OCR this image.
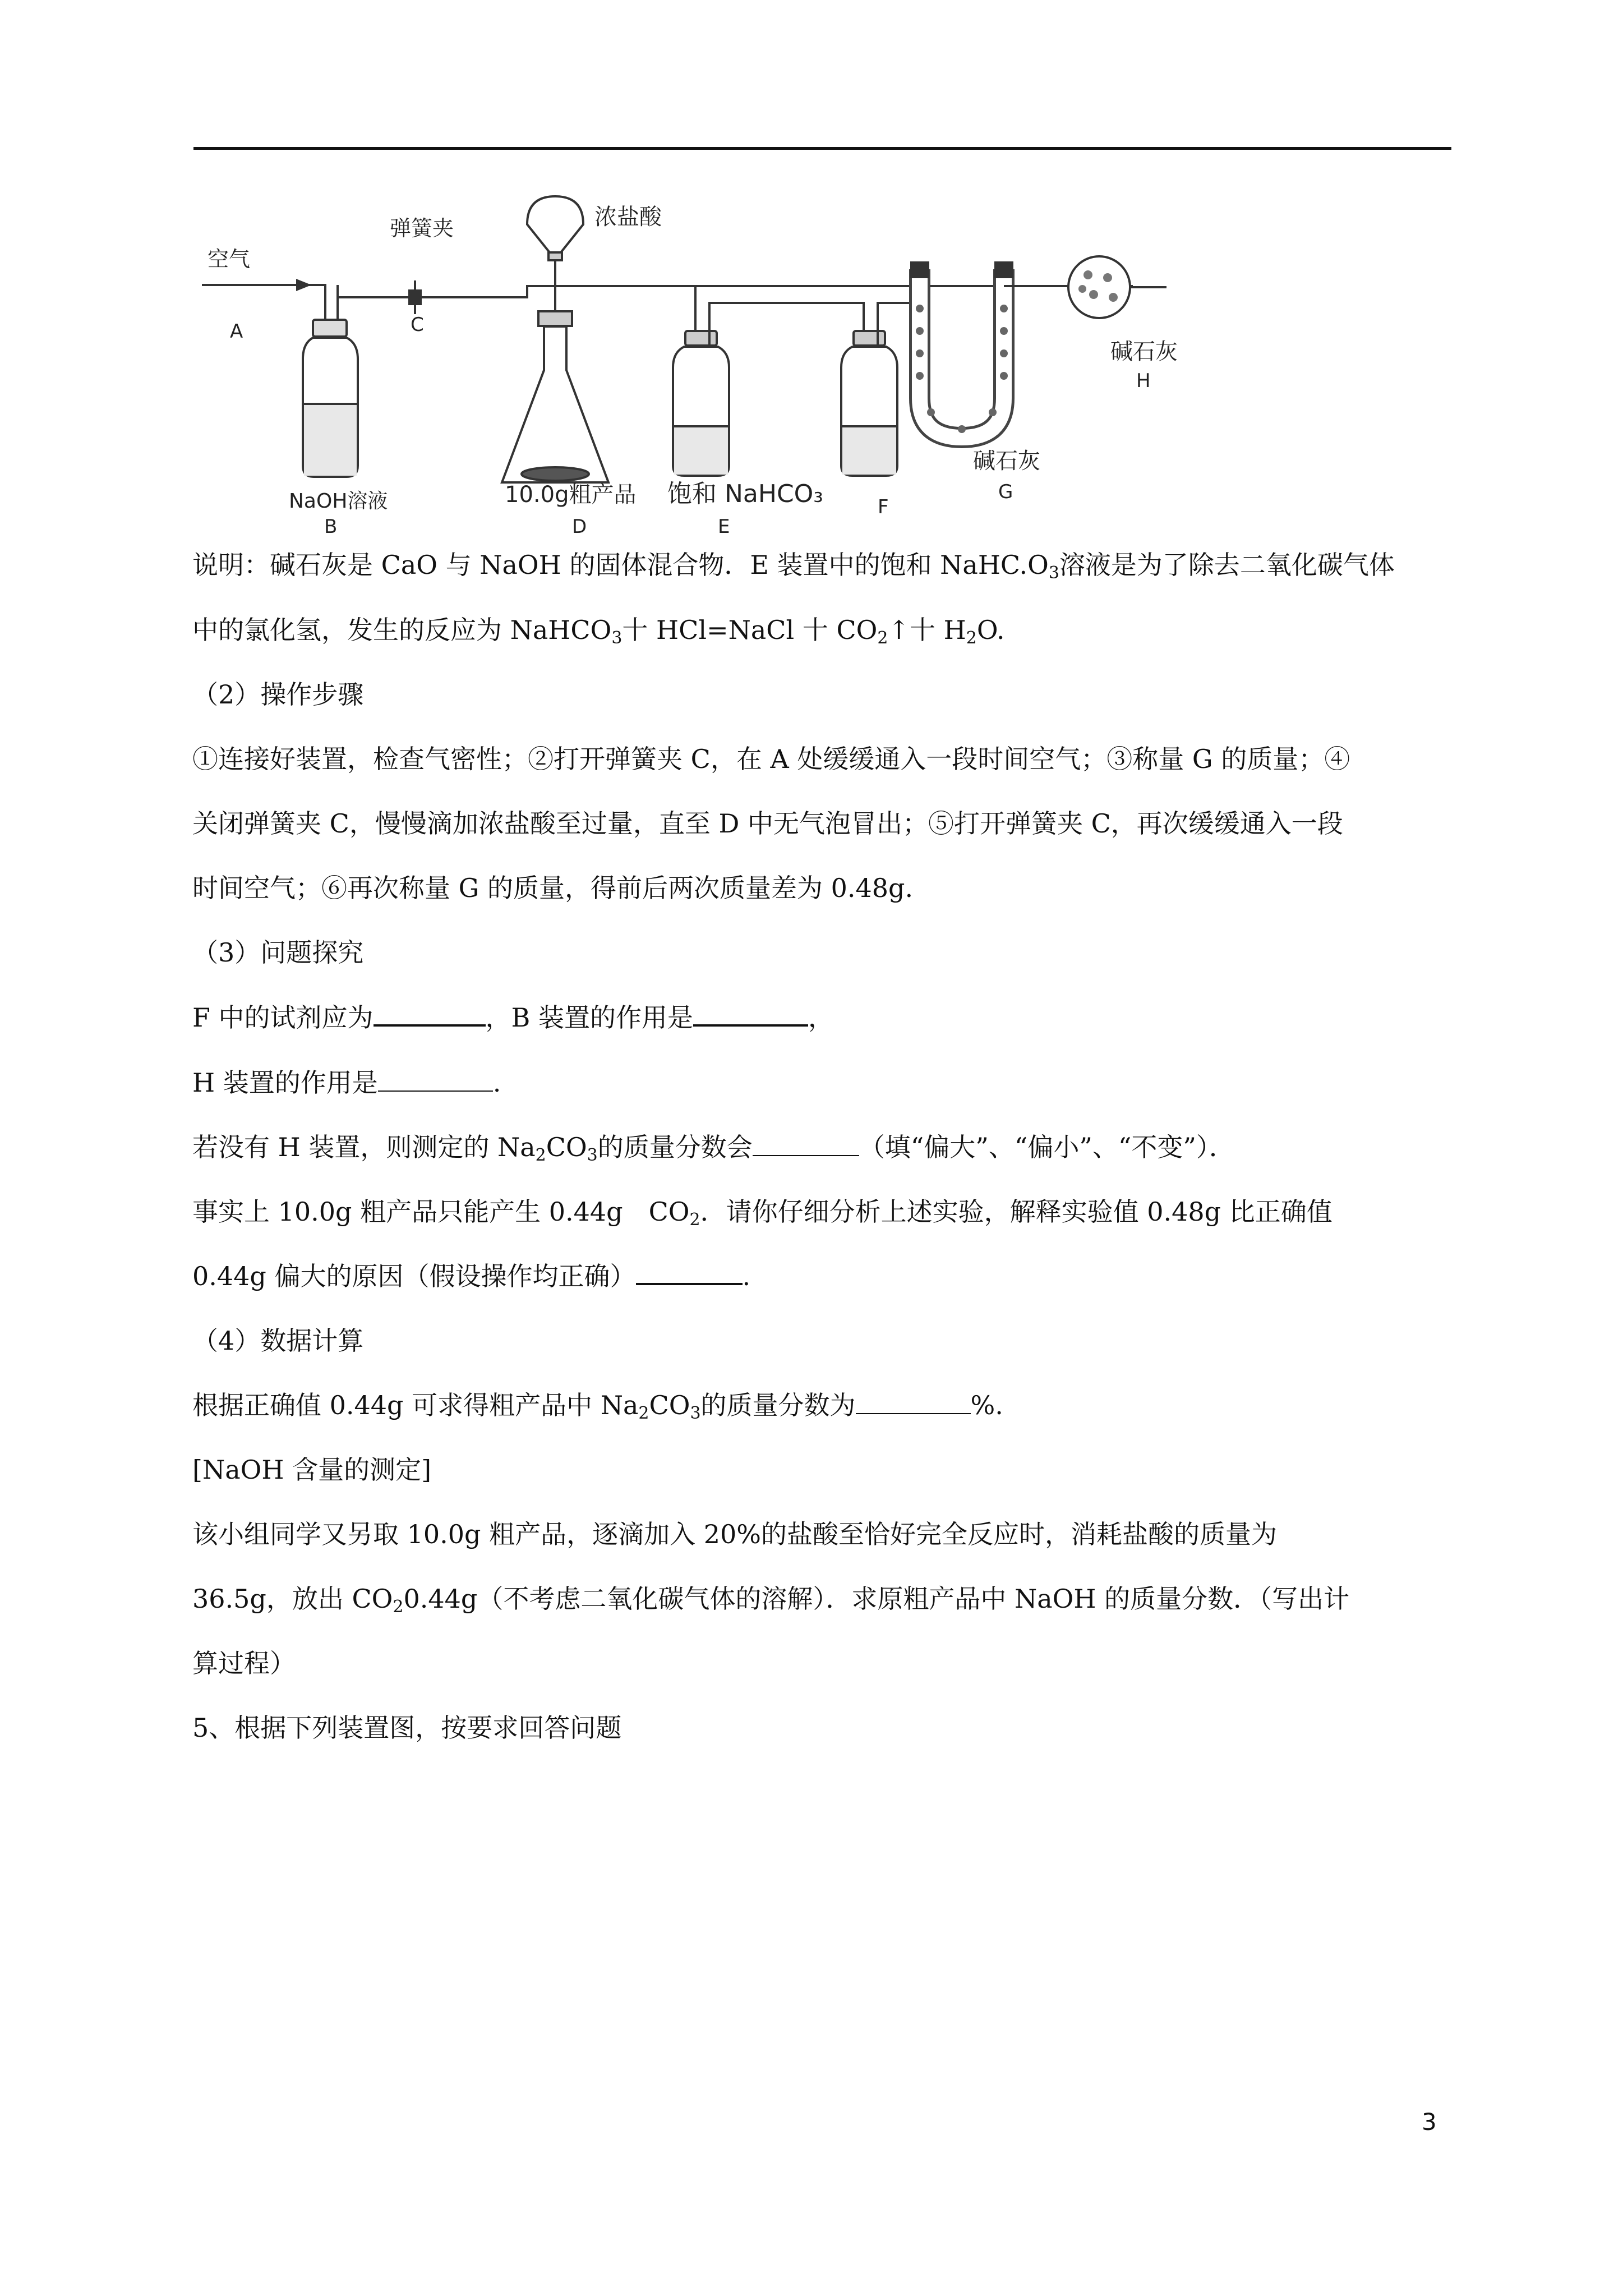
空气
A
弹簧夹
C
浓盐酸
NaOH溶液
B
10.0g粗产品
D
饱和 NaHCO₃
E
F
碱石灰
G
碱石灰
H
说明：碱石灰是 CaO 与 NaOH 的固体混合物．E 装置中的饱和 $NaHC.O_3$溶液是为了除去二氧化碳气体
中的氯化氢，发生的反应为 NaHCO$_3$十 HCl=NaCl 十 $CO_2↑$十 $H_2O$.
（2）操作步骤
①连接好装置，检查气密性；②打开弹簧夹 C，在 A 处缓缓通入一段时间空气；③称量 G 的质量；④
关闭弹簧夹 C，慢慢滴加浓盐酸至过量，直至 D 中无气泡冒出；⑤打开弹簧夹 C，再次缓缓通入一段
时间空气；⑥再次称量 G 的质量，得前后两次质量差为 0.48g.
（3）问题探究
F 中的试剂应为	，B 装置的作用是	，
H 装置的作用是	.
若没有 H 装置，则测定的 $Na_2CO_3$的质量分数会	（填“偏大”、“偏小”、“不变”）．
事实上 10.0g 粗产品只能产生 0.44g　$CO_2$．请你仔细分析上述实验，解释实验值 0.48g 比正确值
0.44g 偏大的原因（假设操作均正确）	.
（4）数据计算
根据正确值 0.44g 可求得粗产品中 $Na_2CO_3$的质量分数为	%.
[NaOH 含量的测定]
该小组同学又另取 10.0g 粗产品，逐滴加入 20%的盐酸至恰好完全反应时，消耗盐酸的质量为
36.5g，放出 $CO_20.44g$（不考虑二氧化碳气体的溶解）．求原粗产品中 NaOH 的质量分数．（写出计
算过程）
5、根据下列装置图，按要求回答问题
3
